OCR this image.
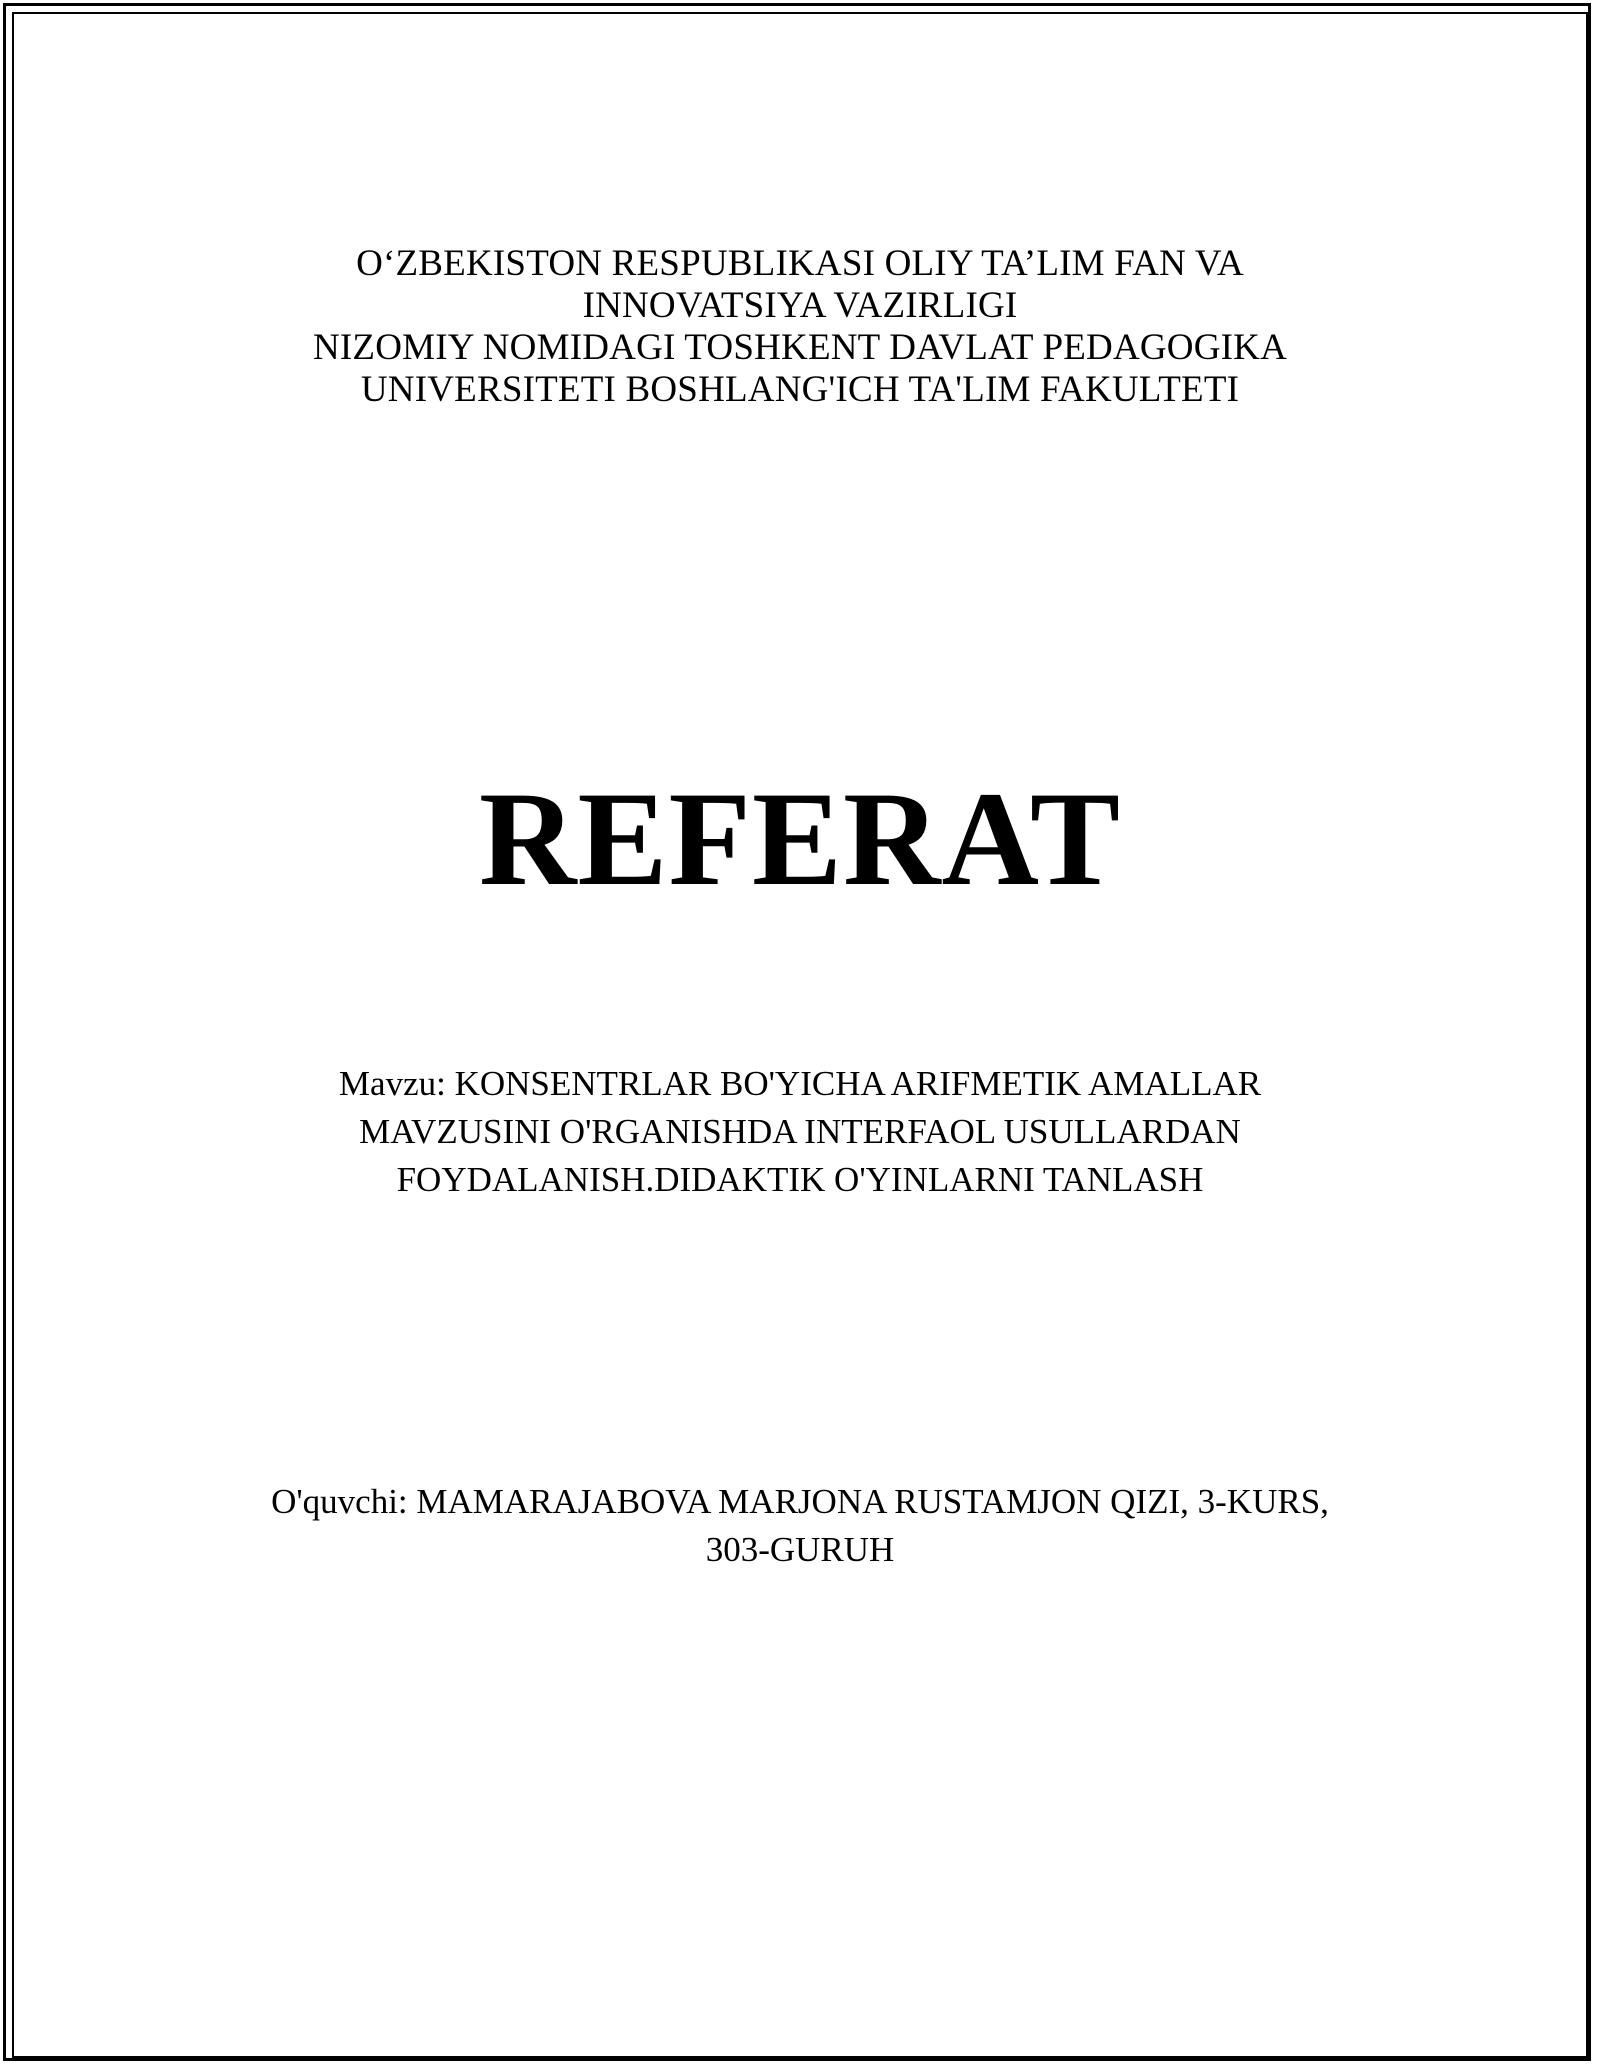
O‘ZBEKISTON RESPUBLIKASI OLIY TA’LIM FAN VA
INNOVATSIYA VAZIRLIGI
NIZOMIY NOMIDAGI TOSHKENT DAVLAT PEDAGOGIKA
UNIVERSITETI BOSHLANG'ICH TA'LIM FAKULTETI
REFERAT
Mavzu: KONSENTRLAR BO'YICHA ARIFMETIK AMALLAR
MAVZUSINI O'RGANISHDA INTERFAOL USULLARDAN
FOYDALANISH.DIDAKTIK O'YINLARNI TANLASH
O'quvchi: MAMARAJABOVA MARJONA RUSTAMJON QIZI, 3-KURS,
303-GURUH
